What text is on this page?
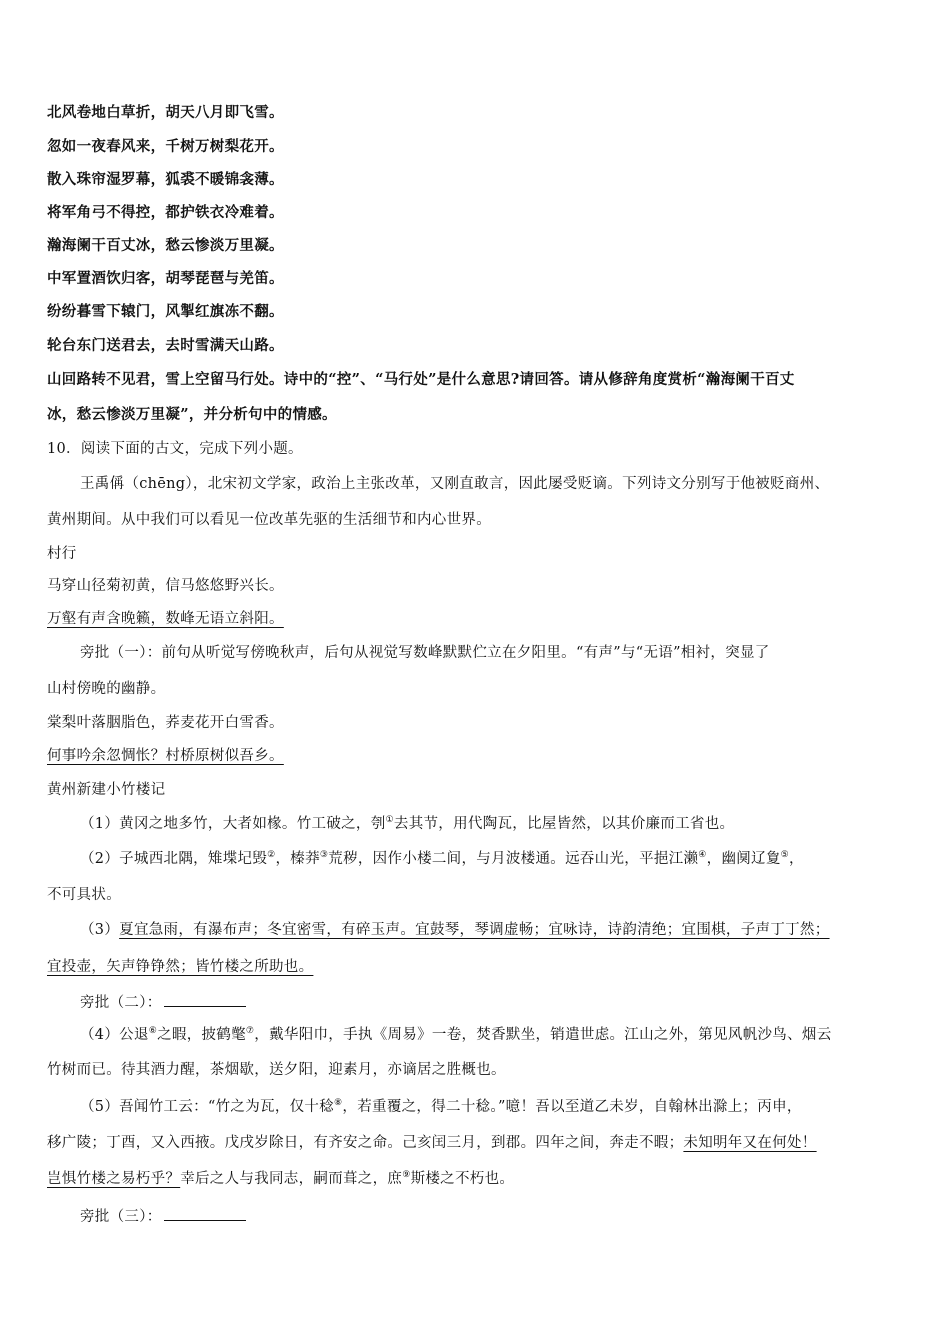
北风卷地白草折，胡天八月即飞雪。
忽如一夜春风来，千树万树梨花开。
散入珠帘湿罗幕，狐裘不暖锦衾薄。
将军角弓不得控，都护铁衣冷难着。
瀚海阑干百丈冰，愁云惨淡万里凝。
中军置酒饮归客，胡琴琵琶与羌笛。
纷纷暮雪下辕门，风掣红旗冻不翻。
轮台东门送君去，去时雪满天山路。
山回路转不见君，雪上空留马行处。诗中的“控”、“马行处”是什么意思?请回答。请从修辞角度赏析“瀚海阑干百丈
冰，愁云惨淡万里凝”，并分析句中的情感。
10．阅读下面的古文，完成下列小题。
王禹偁（chēng），北宋初文学家，政治上主张改革，又刚直敢言，因此屡受贬谪。下列诗文分别写于他被贬商州、
黄州期间。从中我们可以看见一位改革先驱的生活细节和内心世界。
村行
马穿山径菊初黄，信马悠悠野兴长。
万壑有声含晚籁，数峰无语立斜阳。
旁批（一）：前句从听觉写傍晚秋声，后句从视觉写数峰默默伫立在夕阳里。“有声”与“无语”相衬，突显了
山村傍晚的幽静。
棠梨叶落胭脂色，荞麦花开白雪香。
何事吟余忽惆怅？村桥原树似吾乡。
黄州新建小竹楼记
（1）黄冈之地多竹，大者如椽。竹工破之，刳①去其节，用代陶瓦，比屋皆然，以其价廉而工省也。
（2）子城西北隅，雉堞圮毁②，榛莽③荒秽，因作小楼二间，与月波楼通。远吞山光，平挹江濑④，幽阒辽夐⑤，
不可具状。
（3）夏宜急雨，有瀑布声；冬宜密雪，有碎玉声。宜鼓琴，琴调虚畅；宜咏诗，诗韵清绝；宜围棋，子声丁丁然；
宜投壶，矢声铮铮然；皆竹楼之所助也。
旁批（二）：
（4）公退⑥之暇，披鹤氅⑦，戴华阳巾，手执《周易》一卷，焚香默坐，销遣世虑。江山之外，第见风帆沙鸟、烟云
竹树而已。待其酒力醒，茶烟歇，送夕阳，迎素月，亦谪居之胜概也。
（5）吾闻竹工云：“竹之为瓦，仅十稔⑧，若重覆之，得二十稔。”噫！吾以至道乙未岁，自翰林出滁上；丙申，
移广陵；丁酉，又入西掖。戊戌岁除日，有齐安之命。己亥闰三月，到郡。四年之间，奔走不暇；未知明年又在何处！
岂惧竹楼之易朽乎？幸后之人与我同志，嗣而葺之，庶⑨斯楼之不朽也。
旁批（三）：
